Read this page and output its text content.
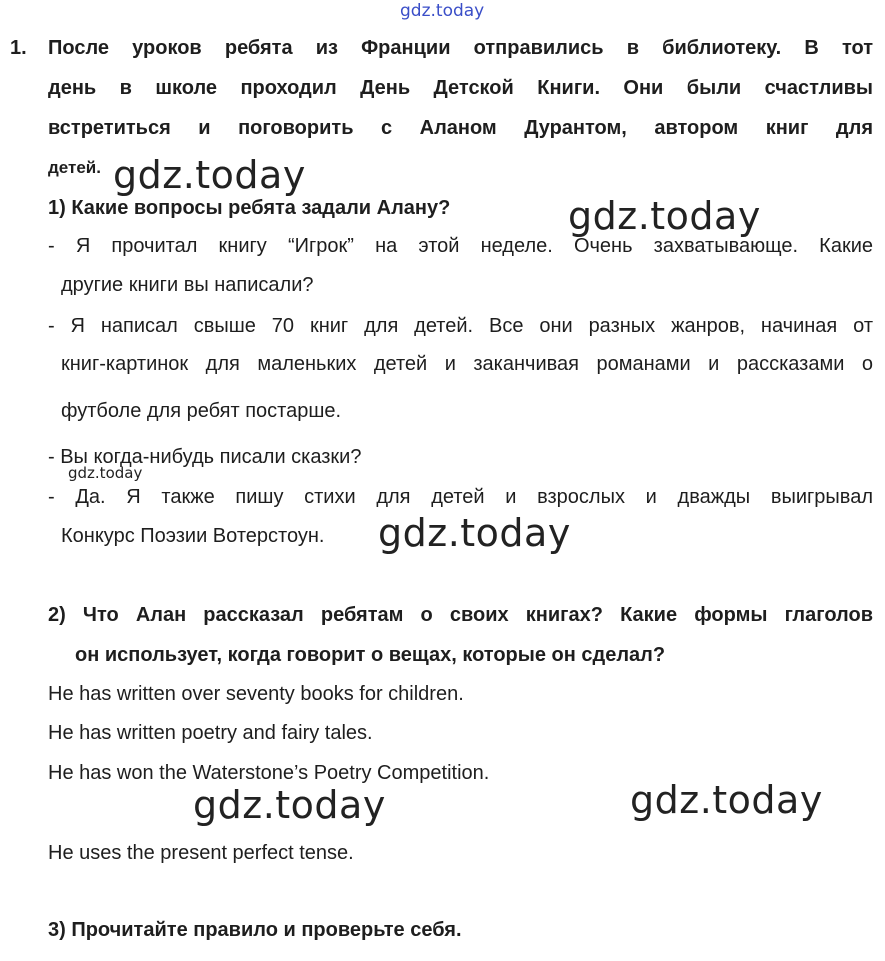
gdz.today
gdz.today
gdz.today
gdz.today
gdz.today	gdz.today
gdz.today
1. После уроков ребята из Франции отправились в библиотеку. В тот
день в школе проходил День Детской Книги. Они были счастливы
встретиться и поговорить с Аланом Дурантом, автором книг для
детей.
1) Какие вопросы ребята задали Алану?
- Я прочитал книгу “Игрок” на этой неделе. Очень захватывающе. Какие
другие книги вы написали?
- Я написал свыше 70 книг для детей. Все они разных жанров, начиная от
книг-картинок для маленьких детей и заканчивая романами и рассказами о
футболе для ребят постарше.
- Вы когда-нибудь писали сказки?
- Да. Я также пишу стихи для детей и взрослых и дважды выигрывал
Конкурс Поэзии Вотерстоун.
2) Что Алан рассказал ребятам о своих книгах? Какие формы глаголов
он использует, когда говорит о вещах, которые он сделал?
He has written over seventy books for children.
He has written poetry and fairy tales.
He has won the Waterstone’s Poetry Competition.
He uses the present perfect tense.
3) Прочитайте правило и проверьте себя.
